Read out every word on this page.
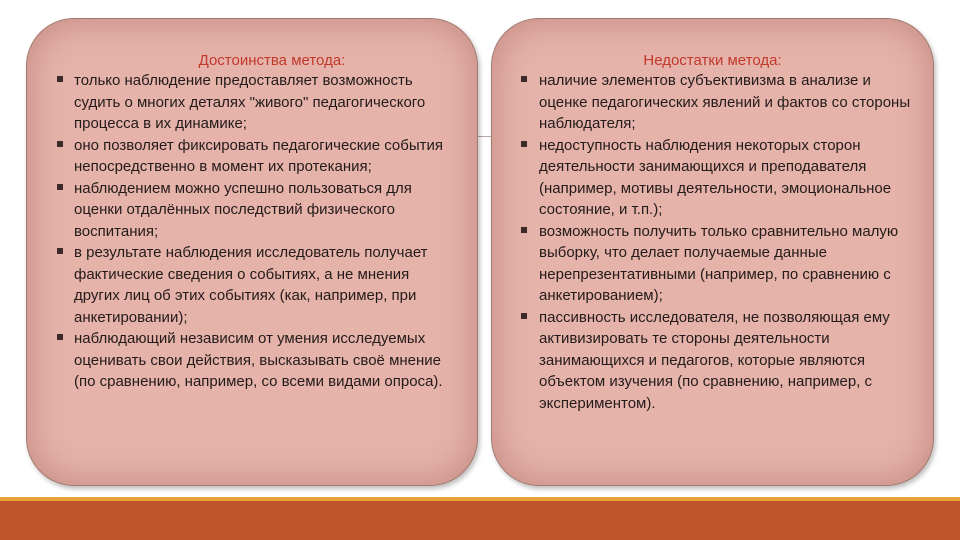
Достоинства метода:
только наблюдение предоставляет возможность судить о многих деталях "живого" педагогического процесса в их динамике;
оно позволяет фиксировать педагогические события непосредственно в момент их протекания;
наблюдением можно успешно пользоваться для оценки отдалённых последствий физического воспитания;
в результате наблюдения исследователь получает фактические сведения о событиях, а не мнения других лиц об этих событиях (как, например, при анкетировании);
наблюдающий независим от умения исследуемых оценивать свои действия, высказывать своё мнение (по сравнению, например, со всеми видами опроса).
Недостатки метода:
наличие элементов субъективизма в анализе и оценке педагогических явлений и фактов со стороны наблюдателя;
недоступность наблюдения некоторых сторон деятельности занимающихся и преподавателя (например, мотивы деятельности, эмоциональное состояние, и т.п.);
возможность получить только сравнительно малую выборку, что делает получаемые данные нерепрезентативными (например, по сравнению с анкетированием);
пассивность исследователя, не позволяющая ему активизировать те стороны деятельности занимающихся и педагогов, которые являются объектом изучения (по сравнению, например, с экспериментом).
